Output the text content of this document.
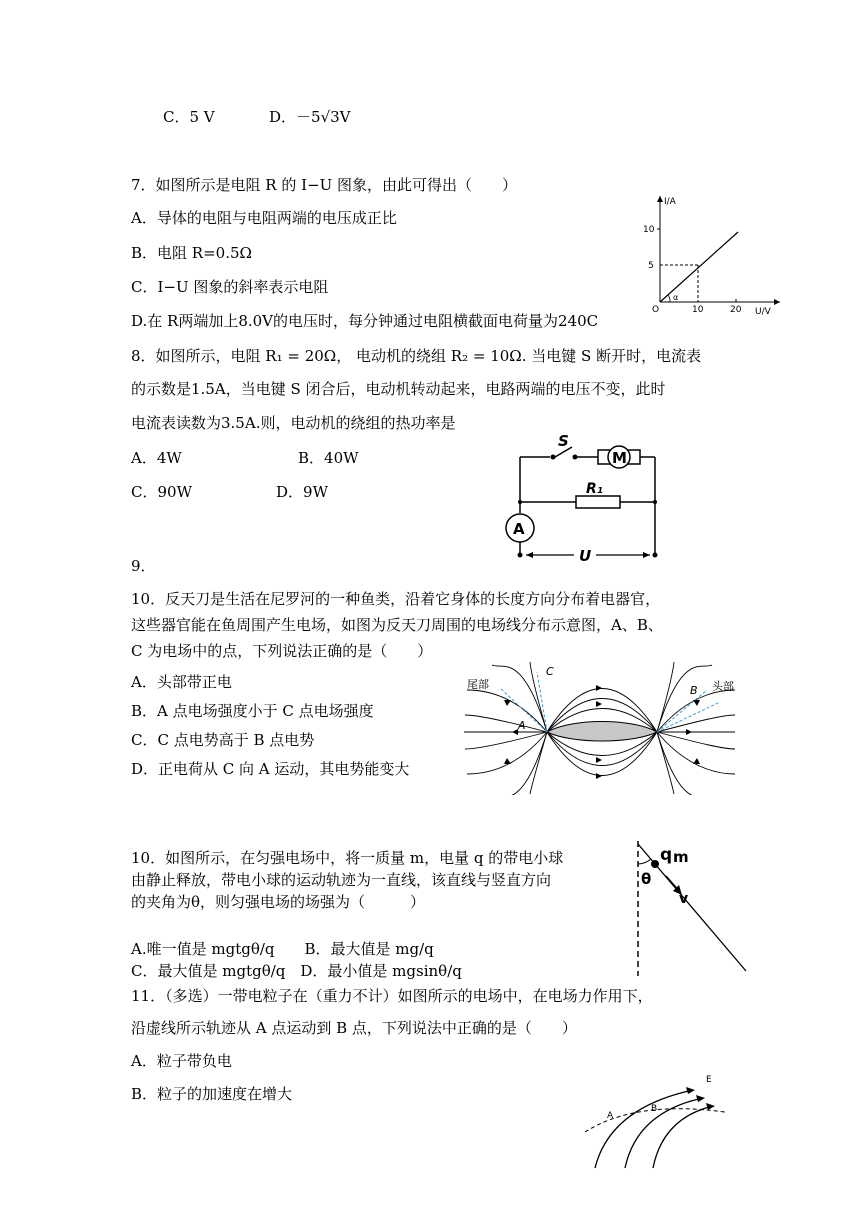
C．5 V	D．－5√3V
7．如图所示是电阻 R 的 I−U 图象，由此可得出（　　）
A．导体的电阻与电阻两端的电压成正比
B．电阻 R=0.5Ω
C．I−U 图象的斜率表示电阻
D.在 R两端加上8.0V的电压时，每分钟通过电阻横截面电荷量为240C
I/A
U/V
O
α
10
5
10	20
8．如图所示，电阻 R₁ = 20Ω， 电动机的绕组 R₂ = 10Ω. 当电键 S 断开时，电流表
的示数是1.5A，当电键 S 闭合后，电动机转动起来，电路两端的电压不变，此时
电流表读数为3.5A.则，电动机的绕组的热功率是
A．4W	B．40W
C．90W	D．9W
S
M
R₁
A
U
9．
10．反天刀是生活在尼罗河的一种鱼类，沿着它身体的长度方向分布着电器官，
这些器官能在鱼周围产生电场，如图为反天刀周围的电场线分布示意图，A、B、
C 为电场中的点，下列说法正确的是（　　）
A．头部带正电
B．A 点电场强度小于 C 点电场强度
C．C 点电势高于 B 点电势
D．正电荷从 C 向 A 运动，其电势能变大
尾部	头部
A
B
C
10．如图所示，在匀强电场中，将一质量 m，电量 q 的带电小球
由静止释放，带电小球的运动轨迹为一直线，该直线与竖直方向
的夹角为θ，则匀强电场的场强为（　　　）
A.唯一值是 mgtgθ/q　　B．最大值是 mg/q
C．最大值是 mgtgθ/q　D．最小值是 mgsinθ/q
q m
θ
v
11．（多选）一带电粒子在（重力不计）如图所示的电场中，在电场力作用下，
沿虚线所示轨迹从 A 点运动到 B 点，下列说法中正确的是（　　）
A．粒子带负电
B．粒子的加速度在增大
A
B
E
